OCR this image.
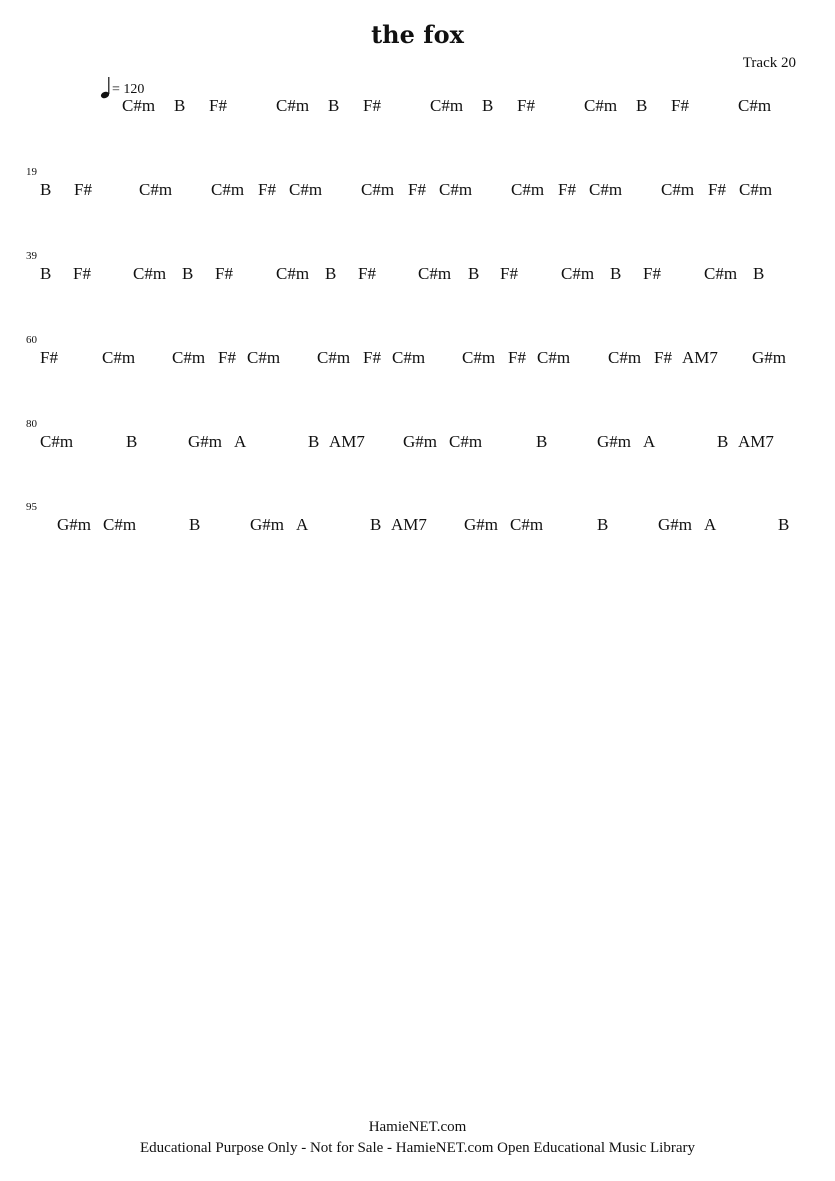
the fox
Track 20
= 120
C#m B F#	C#m B F#	C#m B F#	C#m B F#	C#m
19
B F#	C#m C#m F# C#m C#m F# C#m C#m F# C#m C#m F# C#m
39
B F# C#m B F#	C#m B F# C#m B F#	C#m B F#	C#m B
60
F#	C#m C#m F# C#m C#m F# C#m C#m F# C#m C#m F# AM7 G#m
80
C#m	B	G#m A	B AM7 G#m C#m	B	G#m A	B AM7
95
G#m C#m	B	G#m A	B AM7 G#m C#m	B	G#m A	B
HamieNET.com
Educational Purpose Only - Not for Sale - HamieNET.com Open Educational Music Library
